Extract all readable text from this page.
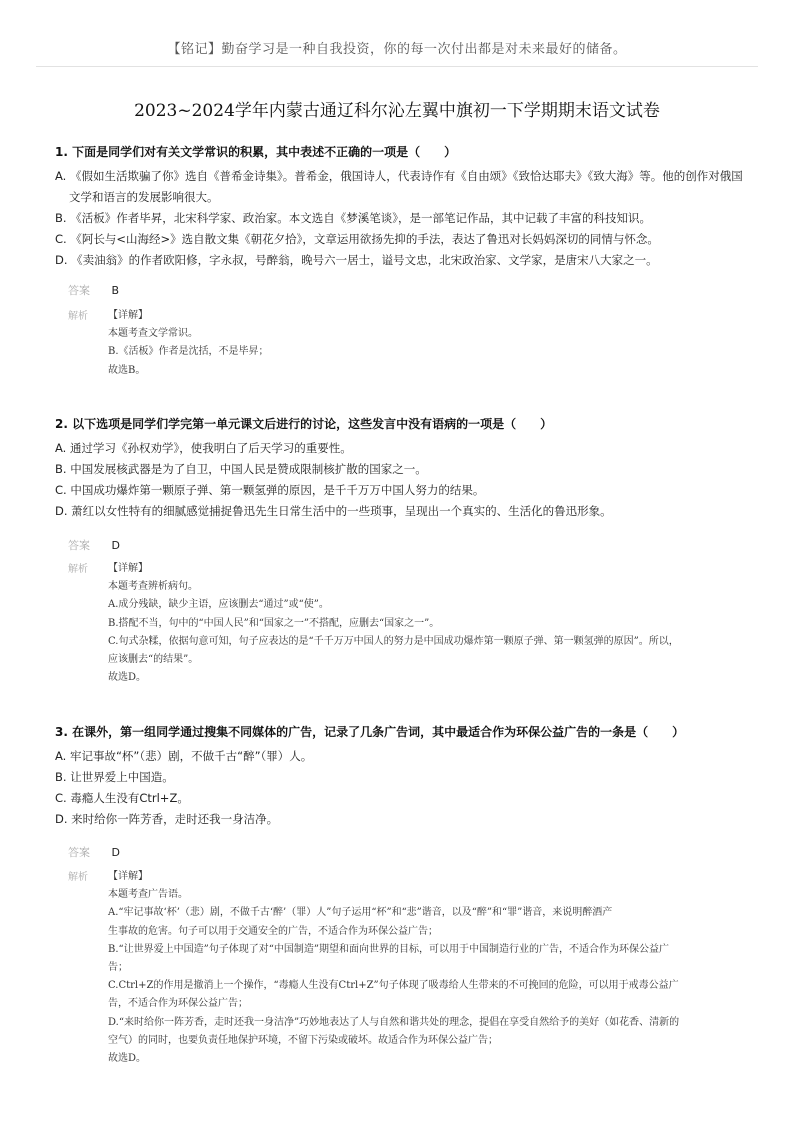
【铭记】勤奋学习是一种自我投资，你的每一次付出都是对未来最好的储备。
2023~2024学年内蒙古通辽科尔沁左翼中旗初一下学期期末语文试卷
1. 下面是同学们对有关文学常识的积累，其中表述不正确的一项是（　　）
A. 《假如生活欺骗了你》选自《普希金诗集》。普希金，俄国诗人，代表诗作有《自由颂》《致恰达耶夫》《致大海》等。他的创作对俄国
文学和语言的发展影响很大。
B. 《活板》作者毕昇，北宋科学家、政治家。本文选自《梦溪笔谈》，是一部笔记作品，其中记载了丰富的科技知识。
C. 《阿长与<山海经>》选自散文集《朝花夕拾》，文章运用欲扬先抑的手法，表达了鲁迅对长妈妈深切的同情与怀念。
D. 《卖油翁》的作者欧阳修，字永叔，号醉翁，晚号六一居士，谥号文忠，北宋政治家、文学家，是唐宋八大家之一。
答案 B
解析	【详解】
本题考查文学常识。
B.《活板》作者是沈括，不是毕昇；
故选B。
2. 以下选项是同学们学完第一单元课文后进行的讨论，这些发言中没有语病的一项是（　　）
A. 通过学习《孙权劝学》，使我明白了后天学习的重要性。
B. 中国发展核武器是为了自卫，中国人民是赞成限制核扩散的国家之一。
C. 中国成功爆炸第一颗原子弹、第一颗氢弹的原因，是千千万万中国人努力的结果。
D. 萧红以女性特有的细腻感觉捕捉鲁迅先生日常生活中的一些琐事，呈现出一个真实的、生活化的鲁迅形象。
答案 D
解析	【详解】
本题考查辨析病句。
A.成分残缺，缺少主语，应该删去“通过”或“使”。
B.搭配不当，句中的“中国人民”和“国家之一”不搭配，应删去“国家之一”。
C.句式杂糅，依据句意可知，句子应表达的是“千千万万中国人的努力是中国成功爆炸第一颗原子弹、第一颗氢弹的原因”。所以，
应该删去“的结果”。
故选D。
3. 在课外，第一组同学通过搜集不同媒体的广告，记录了几条广告词，其中最适合作为环保公益广告的一条是（　　）
A. 牢记事故“杯”（悲）剧，不做千古“醉”（罪）人。
B. 让世界爱上中国造。
C. 毒瘾人生没有Ctrl+Z。
D. 来时给你一阵芳香，走时还我一身洁净。
答案 D
解析	【详解】
本题考查广告语。
A.“牢记事故‘杯’（悲）剧，不做千古‘醉’（罪）人”句子运用“杯”和“悲”谐音，以及“醉”和“罪”谐音，来说明醉酒产
生事故的危害。句子可以用于交通安全的广告，不适合作为环保公益广告；
B.“让世界爱上中国造”句子体现了对“中国制造”期望和面向世界的目标，可以用于中国制造行业的广告，不适合作为环保公益广
告；
C.Ctrl+Z的作用是撤消上一个操作，“毒瘾人生没有Ctrl+Z”句子体现了吸毒给人生带来的不可挽回的危险，可以用于戒毒公益广
告，不适合作为环保公益广告；
D.“来时给你一阵芳香，走时还我一身洁净”巧妙地表达了人与自然和谐共处的理念，提倡在享受自然给予的美好（如花香、清新的
空气）的同时，也要负责任地保护环境，不留下污染或破坏。故适合作为环保公益广告；
故选D。
